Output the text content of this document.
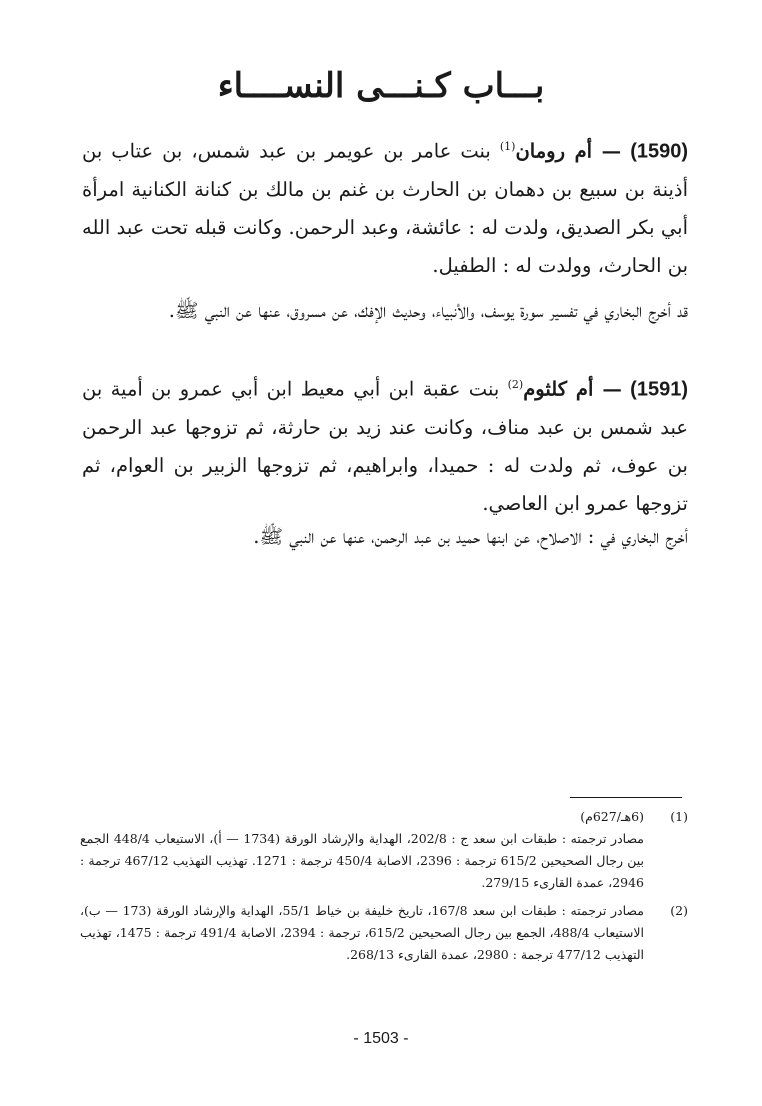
بـــاب كـنـــى النســــاء

(1590) — أم رومان$^{(1)}$ بنت عامر بن عويمر بن عبد شمس، بن عتاب بن أذينة بن سبيع بن دهمان بن الحارث بن غنم بن مالك بن كنانة الكنانية امرأة أبي بكر الصديق، ولدت له : عائشة، وعبد الرحمن. وكانت قبله تحت عبد الله بن الحارث، وولدت له : الطفيل.

قد أخرج البخاري في تفسير سورة يوسف، والأنبياء، وحديث الإفك، عن مسروق، عنها عن النبي ﷺ.

(1591) — أم كلثوم$^{(2)}$ بنت عقبة ابن أبي معيط ابن أبي عمرو بن أمية بن عبد شمس بن عبد مناف، وكانت عند زيد بن حارثة، ثم تزوجها عبد الرحمن بن عوف، ثم ولدت له : حميدا، وابراهيم، ثم تزوجها الزبير بن العوام، ثم تزوجها عمرو ابن العاصي.

أخرج البخاري في : الاصلاح، عن ابنها حميد بن عبد الرحمن، عنها عن النبي ﷺ.

(1)
(6هـ/627م)
مصادر ترجمته : طبقات ابن سعد ج : 202/8، الهداية والإرشاد الورقة (1734 — أ)، الاستيعاب 448/4 الجمع بين رجال الصحيحين 615/2 ترجمة : 2396، الاصابة 450/4 ترجمة : 1271. تهذيب التهذيب 467/12 ترجمة : 2946، عمدة القارىء 279/15.
(2)
مصادر ترجمته : طبقات ابن سعد 167/8، تاريخ خليفة بن خياط 55/1، الهداية والإرشاد الورقة (173 — ب)، الاستيعاب 488/4، الجمع بين رجال الصحيحين 615/2، ترجمة : 2394، الاصابة 491/4 ترجمة : 1475، تهذيب التهذيب 477/12 ترجمة : 2980، عمدة القارىء 268/13.
- 1503 -
